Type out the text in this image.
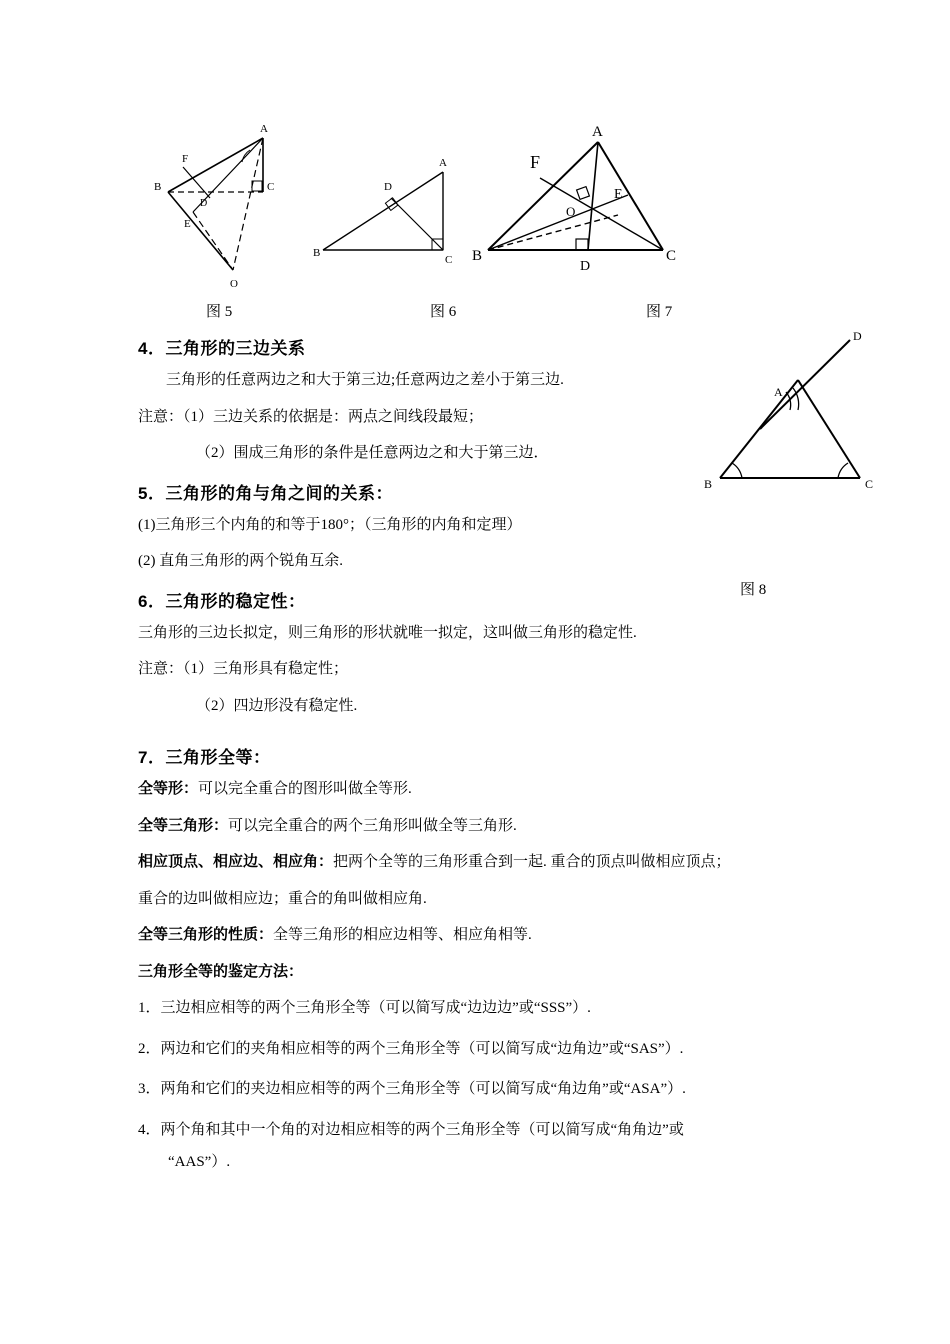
A
F
B
D
C
E
O
A
D
B
C
A
F
E
O
B
D
C
图 5	图 6	图 7
4．三角形的三边关系

三角形的任意两边之和大于第三边;任意两边之差小于第三边.

注意：（1）三边关系的依据是：两点之间线段最短；

（2）围成三角形的条件是任意两边之和大于第三边．

5．三角形的角与角之间的关系：

(1)三角形三个内角的和等于180°；（三角形的内角和定理）

(2) 直角三角形的两个锐角互余.

6．三角形的稳定性：

三角形的三边长拟定，则三角形的形状就唯一拟定，这叫做三角形的稳定性.

注意：（1）三角形具有稳定性；

（2）四边形没有稳定性.

7．三角形全等：

全等形：可以完全重合的图形叫做全等形.

全等三角形：可以完全重合的两个三角形叫做全等三角形.

相应顶点、相应边、相应角：把两个全等的三角形重合到一起. 重合的顶点叫做相应顶点；

重合的边叫做相应边；重合的角叫做相应角.

全等三角形的性质：全等三角形的相应边相等、相应角相等.

三角形全等的鉴定方法：

1．三边相应相等的两个三角形全等（可以简写成“边边边”或“SSS”）.

2．两边和它们的夹角相应相等的两个三角形全等（可以简写成“边角边”或“SAS”）.

3．两角和它们的夹边相应相等的两个三角形全等（可以简写成“角边角”或“ASA”）.

4．两个角和其中一个角的对边相应相等的两个三角形全等（可以简写成“角角边”或

“AAS”）.

D
A
B	C
图 8
